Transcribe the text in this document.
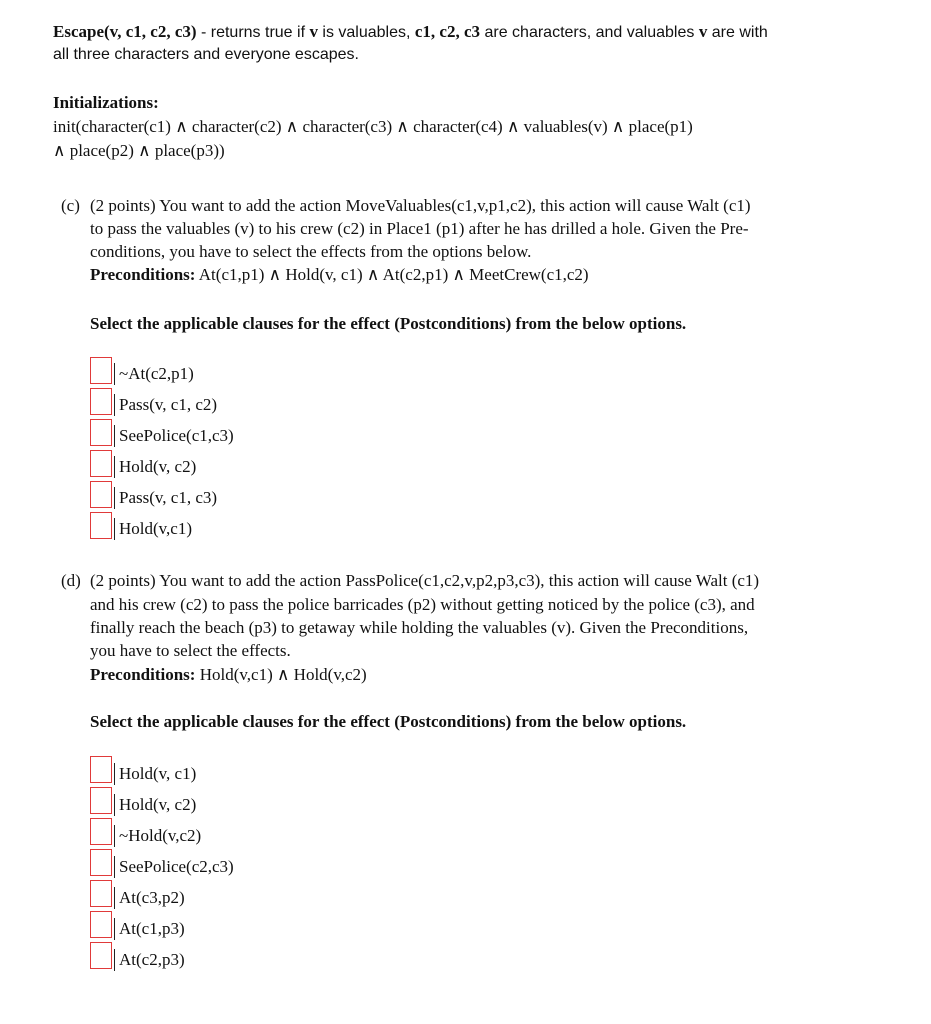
Escape(v, c1, c2, c3) - returns true if v is valuables, c1, c2, c3 are characters, and valuables v are with
all three characters and everyone escapes.
Initializations:
init(character(c1) ∧ character(c2) ∧ character(c3) ∧ character(c4) ∧ valuables(v) ∧ place(p1)
∧ place(p2) ∧ place(p3))
(c) (2 points) You want to add the action MoveValuables(c1,v,p1,c2), this action will cause Walt (c1)
to pass the valuables (v) to his crew (c2) in Place1 (p1) after he has drilled a hole. Given the Pre-
conditions, you have to select the effects from the options below.
Preconditions: At(c1,p1) ∧ Hold(v, c1) ∧ At(c2,p1) ∧ MeetCrew(c1,c2)
Select the applicable clauses for the effect (Postconditions) from the below options.
~At(c2,p1)
Pass(v, c1, c2)
SeePolice(c1,c3)
Hold(v, c2)
Pass(v, c1, c3)
Hold(v,c1)
(d) (2 points) You want to add the action PassPolice(c1,c2,v,p2,p3,c3), this action will cause Walt (c1)
and his crew (c2) to pass the police barricades (p2) without getting noticed by the police (c3), and
finally reach the beach (p3) to getaway while holding the valuables (v). Given the Preconditions,
you have to select the effects.
Preconditions: Hold(v,c1) ∧ Hold(v,c2)
Select the applicable clauses for the effect (Postconditions) from the below options.
Hold(v, c1)
Hold(v, c2)
~Hold(v,c2)
SeePolice(c2,c3)
At(c3,p2)
At(c1,p3)
At(c2,p3)
